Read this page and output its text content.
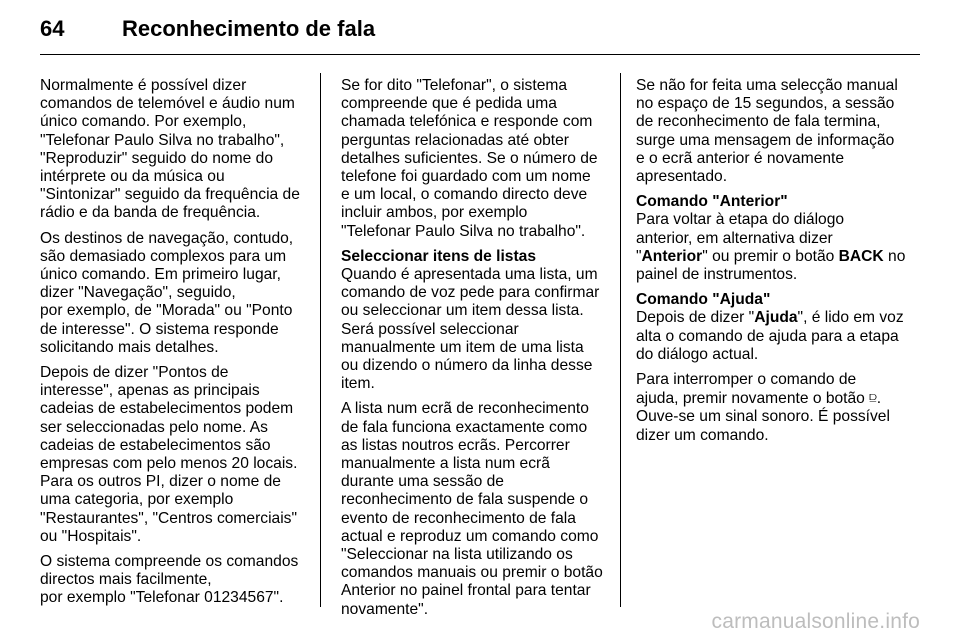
64	Reconhecimento de fala

Normalmente é possível dizer
comandos de telemóvel e áudio num
único comando. Por exemplo,
"Telefonar Paulo Silva no trabalho",
"Reproduzir" seguido do nome do
intérprete ou da música ou
"Sintonizar" seguido da frequência de
rádio e da banda de frequência.

Os destinos de navegação, contudo,
são demasiado complexos para um
único comando. Em primeiro lugar,
dizer "Navegação", seguido,
por exemplo, de "Morada" ou "Ponto
de interesse". O sistema responde
solicitando mais detalhes.

Depois de dizer "Pontos de
interesse", apenas as principais
cadeias de estabelecimentos podem
ser seleccionadas pelo nome. As
cadeias de estabelecimentos são
empresas com pelo menos 20 locais.
Para os outros PI, dizer o nome de
uma categoria, por exemplo
"Restaurantes", "Centros comerciais"
ou "Hospitais".

O sistema compreende os comandos
directos mais facilmente,
por exemplo "Telefonar 01234567".

Se for dito "Telefonar", o sistema
compreende que é pedida uma
chamada telefónica e responde com
perguntas relacionadas até obter
detalhes suficientes. Se o número de
telefone foi guardado com um nome
e um local, o comando directo deve
incluir ambos, por exemplo
"Telefonar Paulo Silva no trabalho".

Seleccionar itens de listas

Quando é apresentada uma lista, um
comando de voz pede para confirmar
ou seleccionar um item dessa lista.
Será possível seleccionar
manualmente um item de uma lista
ou dizendo o número da linha desse
item.

A lista num ecrã de reconhecimento
de fala funciona exactamente como
as listas noutros ecrãs. Percorrer
manualmente a lista num ecrã
durante uma sessão de
reconhecimento de fala suspende o
evento de reconhecimento de fala
actual e reproduz um comando como
"Seleccionar na lista utilizando os
comandos manuais ou premir o botão
Anterior no painel frontal para tentar
novamente".

Se não for feita uma selecção manual
no espaço de 15 segundos, a sessão
de reconhecimento de fala termina,
surge uma mensagem de informação
e o ecrã anterior é novamente
apresentado.

Comando "Anterior"

Para voltar à etapa do diálogo
anterior, em alternativa dizer
"Anterior" ou premir o botão BACK no
painel de instrumentos.

Comando "Ajuda"

Depois de dizer "Ajuda", é lido em voz
alta o comando de ajuda para a etapa
do diálogo actual.

Para interromper o comando de
ajuda, premir novamente o botão ⫒.
Ouve-se um sinal sonoro. É possível
dizer um comando.

carmanualsonline.info
